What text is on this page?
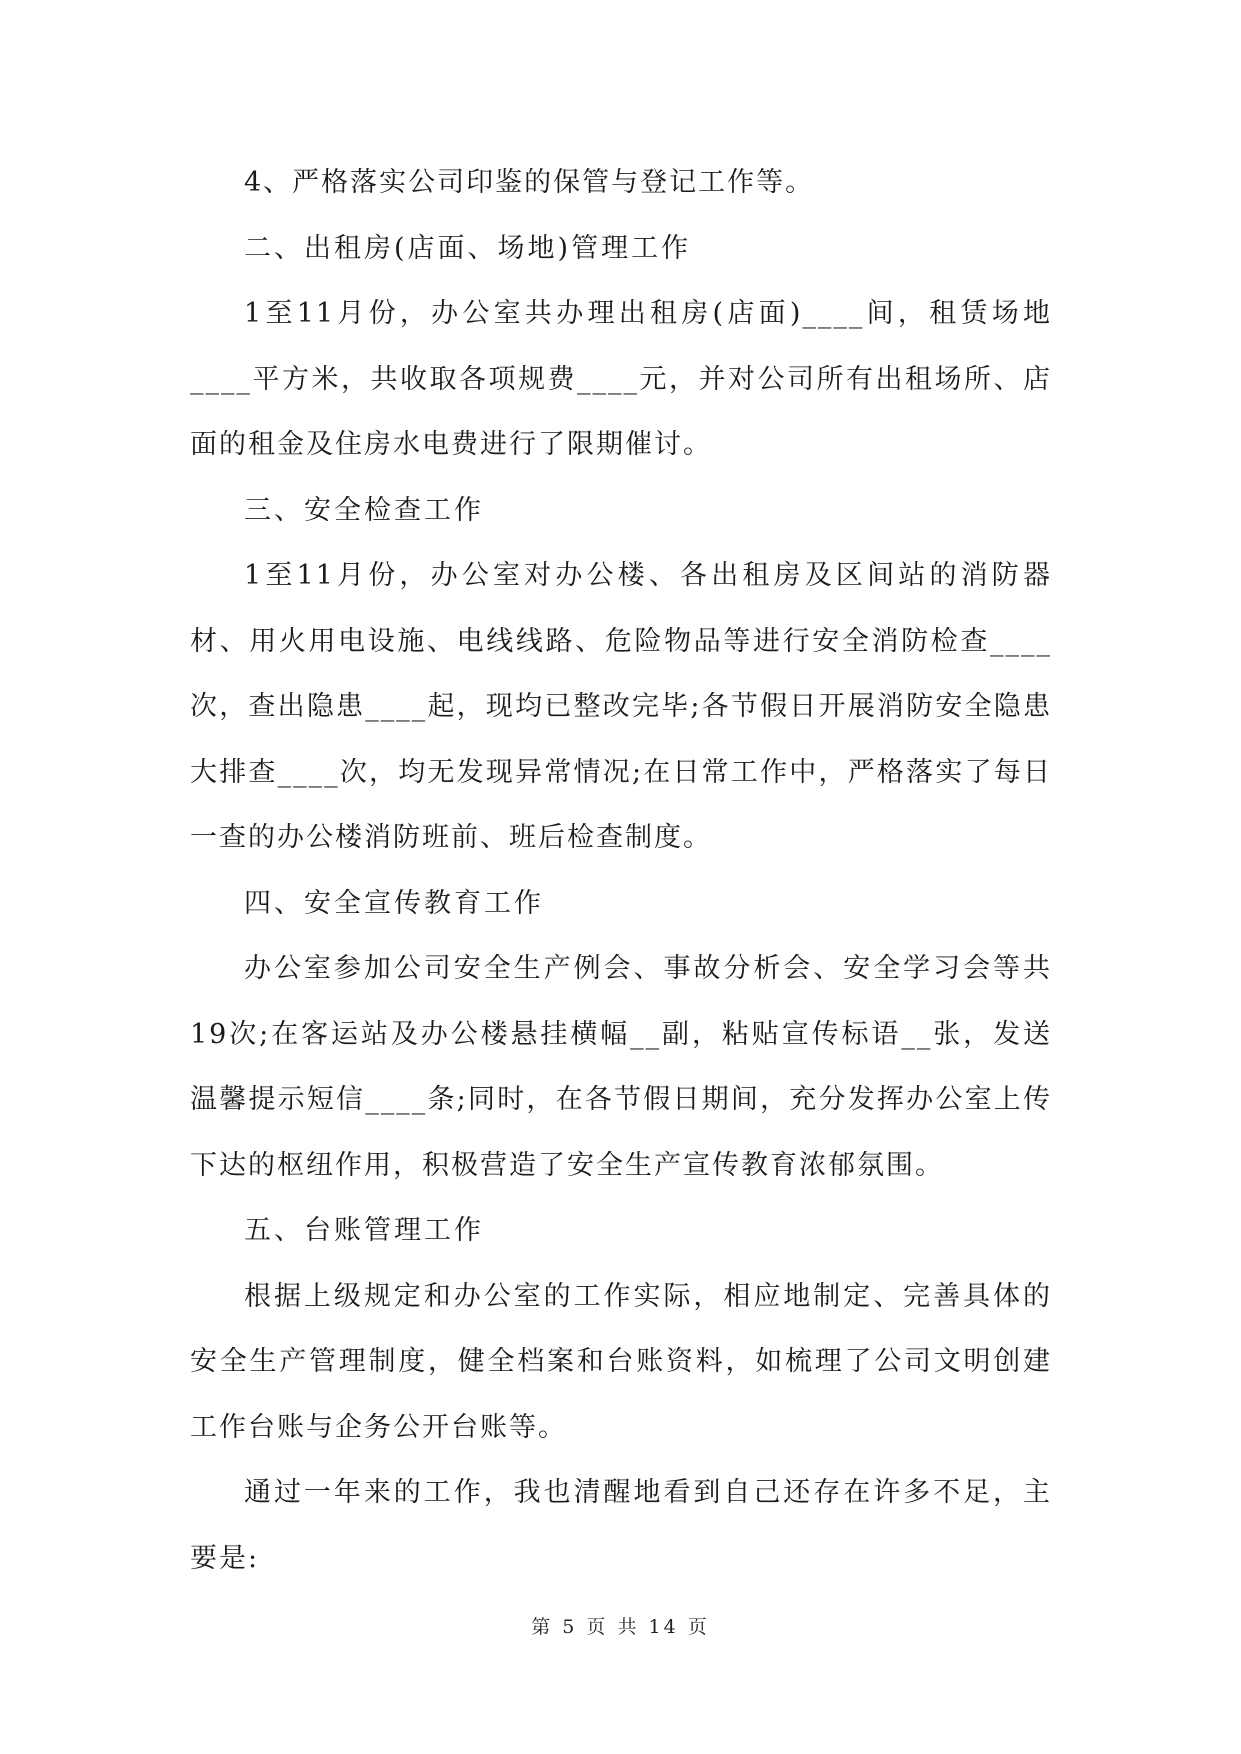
4、严格落实公司印鉴的保管与登记工作等。

二、出租房(店面、场地)管理工作

1至11月份，办公室共办理出租房(店面)____间，租赁场地____平方米，共收取各项规费____元，并对公司所有出租场所、店面的租金及住房水电费进行了限期催讨。

三、安全检查工作

1至11月份，办公室对办公楼、各出租房及区间站的消防器材、用火用电设施、电线线路、危险物品等进行安全消防检查____次，查出隐患____起，现均已整改完毕;各节假日开展消防安全隐患大排查____次，均无发现异常情况;在日常工作中，严格落实了每日一查的办公楼消防班前、班后检查制度。

四、安全宣传教育工作

办公室参加公司安全生产例会、事故分析会、安全学习会等共19次;在客运站及办公楼悬挂横幅__副，粘贴宣传标语__张，发送温馨提示短信____条;同时，在各节假日期间，充分发挥办公室上传下达的枢纽作用，积极营造了安全生产宣传教育浓郁氛围。

五、台账管理工作

根据上级规定和办公室的工作实际，相应地制定、完善具体的安全生产管理制度，健全档案和台账资料，如梳理了公司文明创建工作台账与企务公开台账等。

通过一年来的工作，我也清醒地看到自己还存在许多不足，主要是:

第 5 页 共 14 页
